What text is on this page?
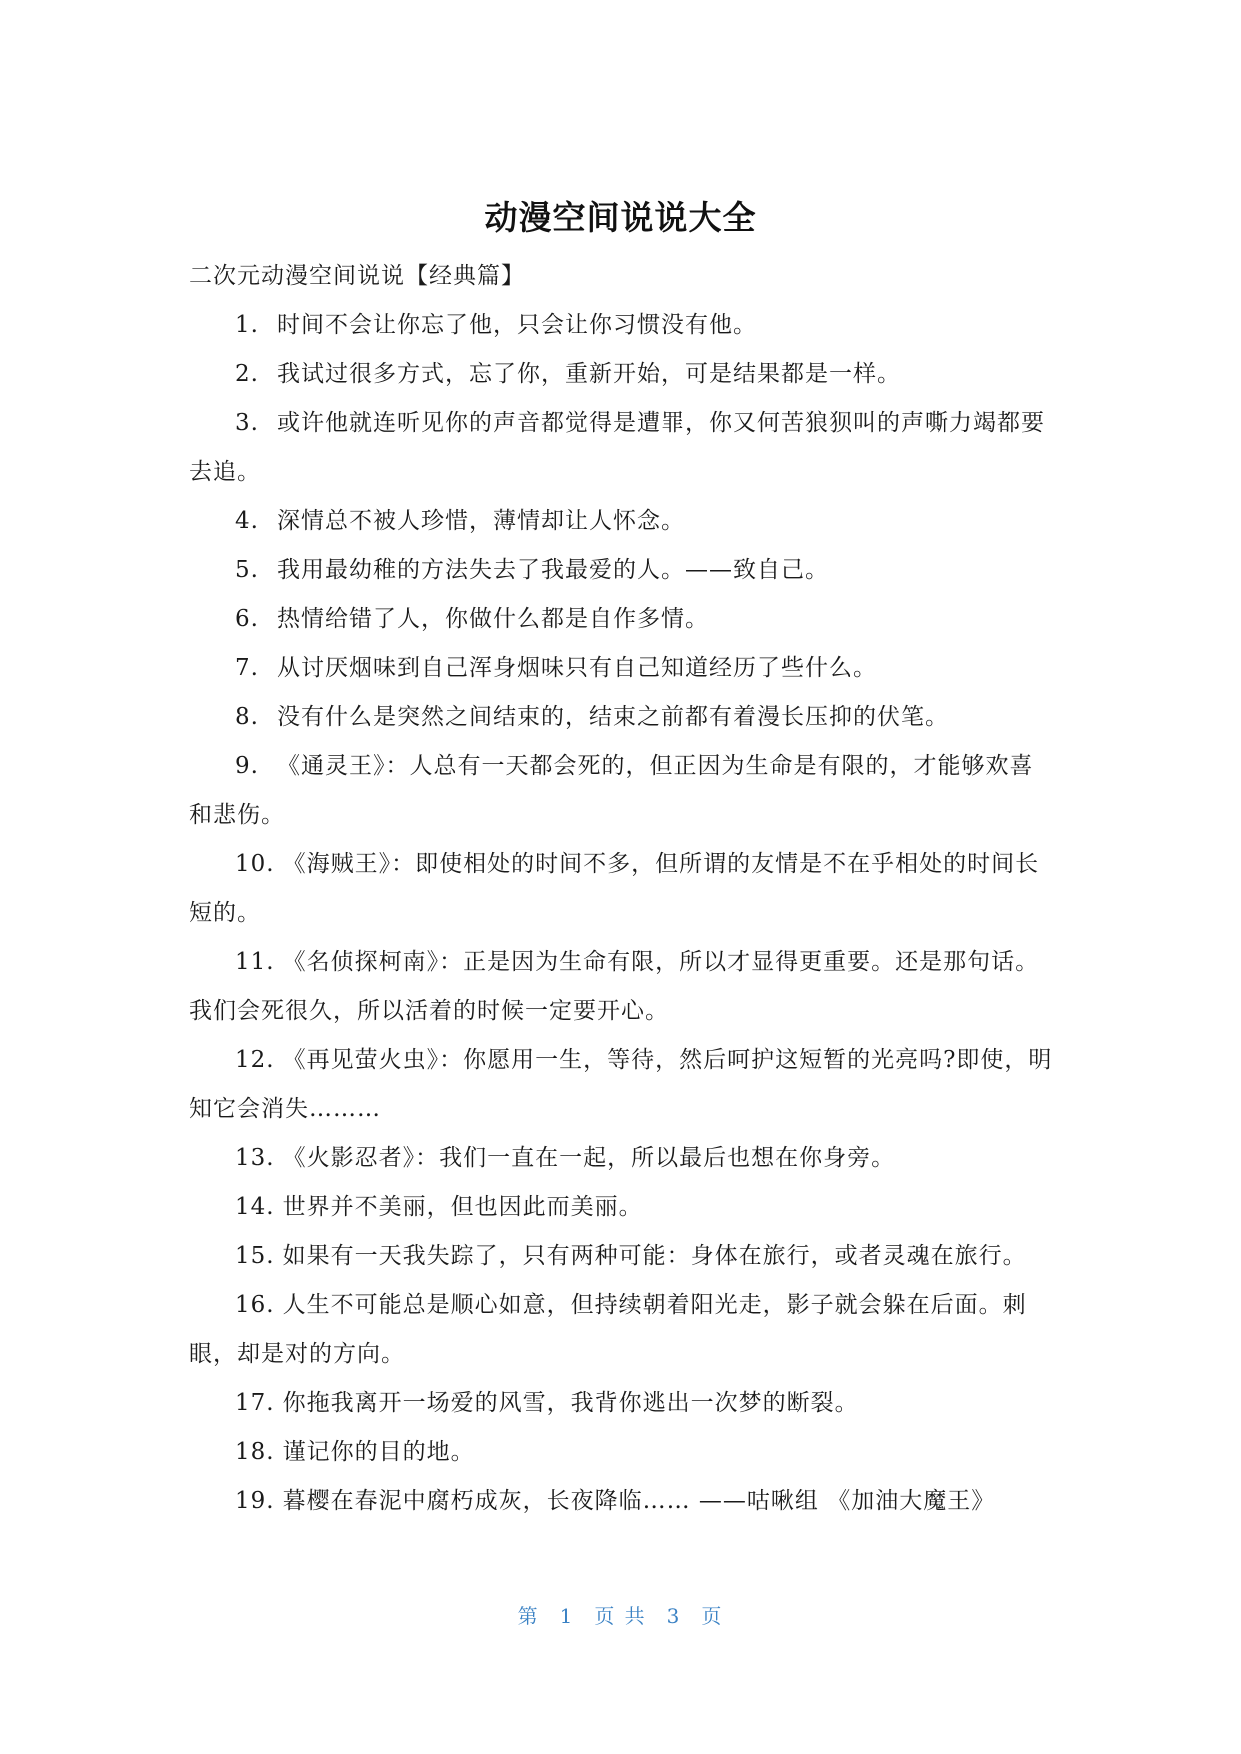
动漫空间说说大全

二次元动漫空间说说【经典篇】

1. 时间不会让你忘了他，只会让你习惯没有他。
2. 我试过很多方式，忘了你，重新开始，可是结果都是一样。
3. 或许他就连听见你的声音都觉得是遭罪，你又何苦狼狈叫的声嘶力竭都要去追。
4. 深情总不被人珍惜，薄情却让人怀念。
5. 我用最幼稚的方法失去了我最爱的人。——致自己。
6. 热情给错了人，你做什么都是自作多情。
7. 从讨厌烟味到自己浑身烟味只有自己知道经历了些什么。
8. 没有什么是突然之间结束的，结束之前都有着漫长压抑的伏笔。
9. 《通灵王》：人总有一天都会死的，但正因为生命是有限的，才能够欢喜和悲伤。
10. 《海贼王》：即使相处的时间不多，但所谓的友情是不在乎相处的时间长短的。
11. 《名侦探柯南》：正是因为生命有限，所以才显得更重要。还是那句话。我们会死很久，所以活着的时候一定要开心。
12. 《再见萤火虫》：你愿用一生，等待，然后呵护这短暂的光亮吗?即使，明知它会消失………
13. 《火影忍者》：我们一直在一起，所以最后也想在你身旁。
14. 世界并不美丽，但也因此而美丽。
15. 如果有一天我失踪了，只有两种可能：身体在旅行，或者灵魂在旅行。
16. 人生不可能总是顺心如意，但持续朝着阳光走，影子就会躲在后面。刺眼，却是对的方向。
17. 你拖我离开一场爱的风雪，我背你逃出一次梦的断裂。
18. 谨记你的目的地。
19. 暮樱在春泥中腐朽成灰，长夜降临…… ——咕啾组 《加油大魔王》
第 1 页 共 3 页
